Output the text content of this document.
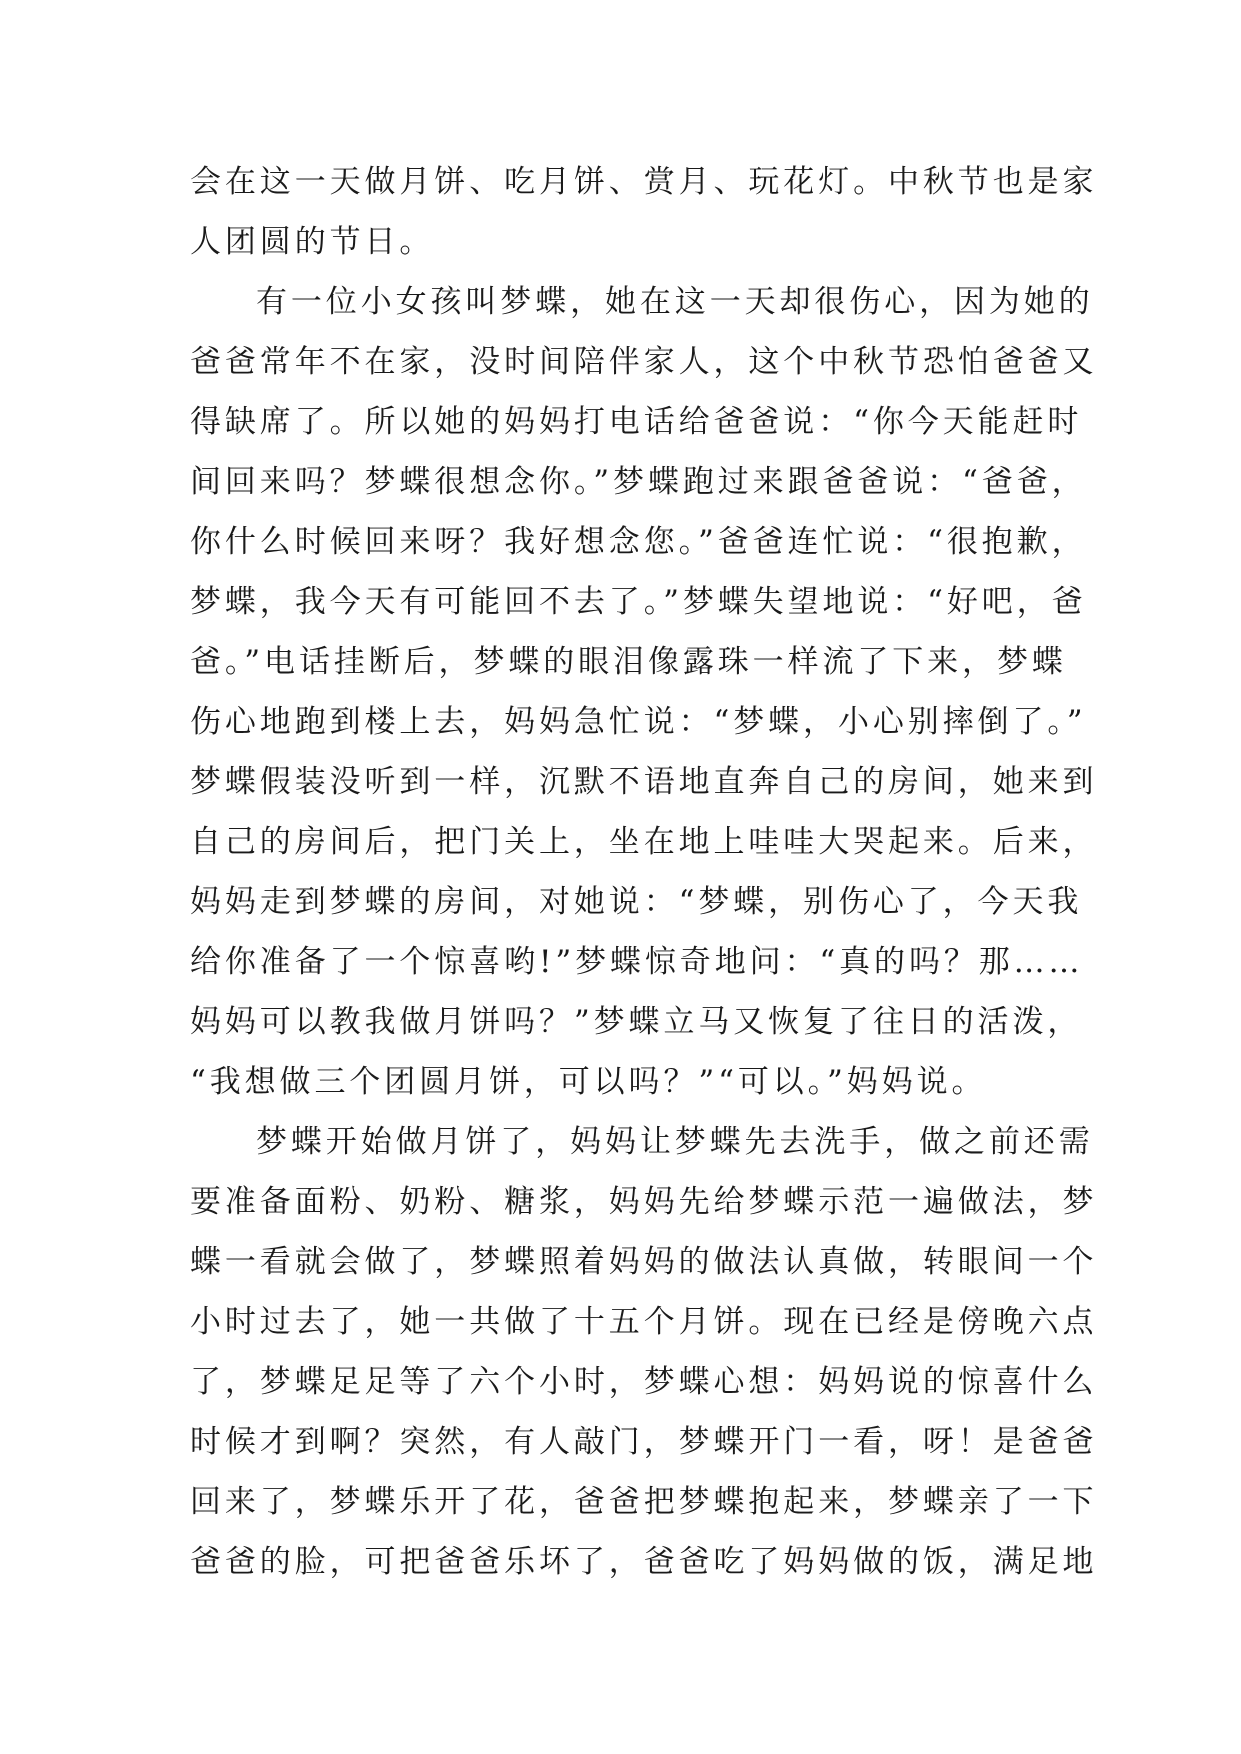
会在这一天做月饼、吃月饼、赏月、玩花灯。中秋节也是家
人团圆的节日。
有一位小女孩叫梦蝶，她在这一天却很伤心，因为她的
爸爸常年不在家，没时间陪伴家人，这个中秋节恐怕爸爸又
得缺席了。所以她的妈妈打电话给爸爸说：“你今天能赶时
间回来吗？梦蝶很想念你。”梦蝶跑过来跟爸爸说：“爸爸，
你什么时候回来呀？我好想念您。”爸爸连忙说：“很抱歉，
梦蝶，我今天有可能回不去了。”梦蝶失望地说：“好吧，爸
爸。”电话挂断后，梦蝶的眼泪像露珠一样流了下来，梦蝶
伤心地跑到楼上去，妈妈急忙说：“梦蝶，小心别摔倒了。”
梦蝶假装没听到一样，沉默不语地直奔自己的房间，她来到
自己的房间后，把门关上，坐在地上哇哇大哭起来。后来，
妈妈走到梦蝶的房间，对她说：“梦蝶，别伤心了，今天我
给你准备了一个惊喜哟!”梦蝶惊奇地问：“真的吗？那……
妈妈可以教我做月饼吗？”梦蝶立马又恢复了往日的活泼，
“我想做三个团圆月饼，可以吗？”“可以。”妈妈说。
梦蝶开始做月饼了，妈妈让梦蝶先去洗手，做之前还需
要准备面粉、奶粉、糖浆，妈妈先给梦蝶示范一遍做法，梦
蝶一看就会做了，梦蝶照着妈妈的做法认真做，转眼间一个
小时过去了，她一共做了十五个月饼。现在已经是傍晚六点
了，梦蝶足足等了六个小时，梦蝶心想：妈妈说的惊喜什么
时候才到啊？突然，有人敲门，梦蝶开门一看，呀！是爸爸
回来了，梦蝶乐开了花，爸爸把梦蝶抱起来，梦蝶亲了一下
爸爸的脸，可把爸爸乐坏了，爸爸吃了妈妈做的饭，满足地
